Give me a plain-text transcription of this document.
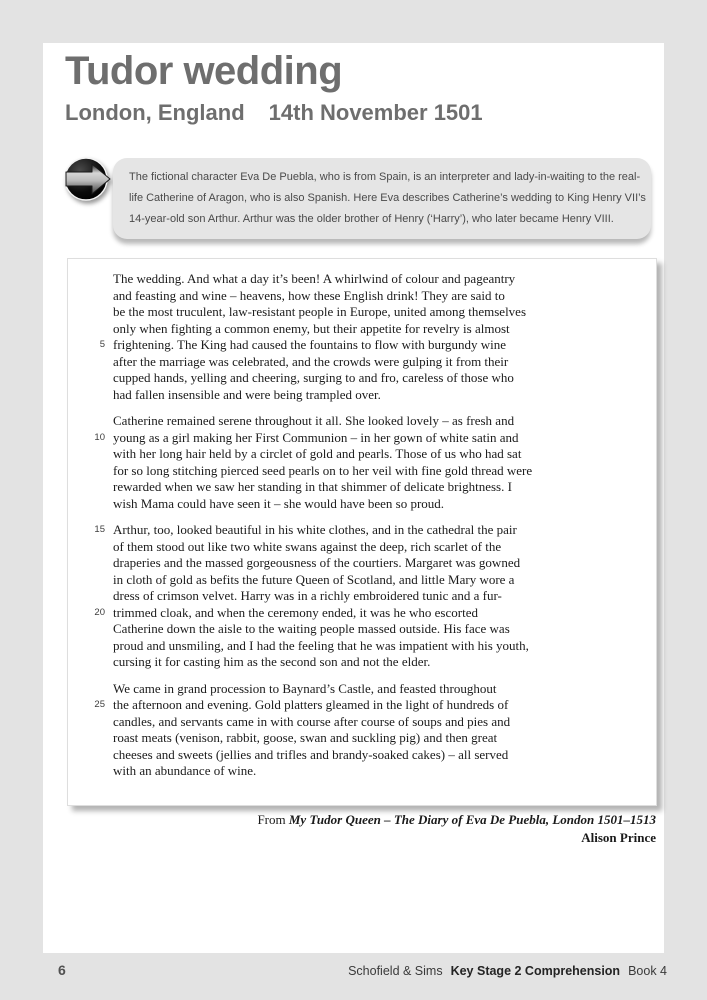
Tudor wedding
London, England 14th November 1501
The fictional character Eva De Puebla, who is from Spain, is an interpreter and lady-in-waiting to the real-
life Catherine of Aragon, who is also Spanish. Here Eva describes Catherine’s wedding to King Henry VII’s
14-year-old son Arthur. Arthur was the older brother of Henry (‘Harry’), who later became Henry VIII.
The wedding. And what a day it’s been! A whirlwind of colour and pageantry
and feasting and wine – heavens, how these English drink! They are said to
be the most truculent, law-resistant people in Europe, united among themselves
only when fighting a common enemy, but their appetite for revelry is almost
5 frightening. The King had caused the fountains to flow with burgundy wine
after the marriage was celebrated, and the crowds were gulping it from their
cupped hands, yelling and cheering, surging to and fro, careless of those who
had fallen insensible and were being trampled over.
Catherine remained serene throughout it all. She looked lovely – as fresh and
10 young as a girl making her First Communion – in her gown of white satin and
with her long hair held by a circlet of gold and pearls. Those of us who had sat
for so long stitching pierced seed pearls on to her veil with fine gold thread were
rewarded when we saw her standing in that shimmer of delicate brightness. I
wish Mama could have seen it – she would have been so proud.
15 Arthur, too, looked beautiful in his white clothes, and in the cathedral the pair
of them stood out like two white swans against the deep, rich scarlet of the
draperies and the massed gorgeousness of the courtiers. Margaret was gowned
in cloth of gold as befits the future Queen of Scotland, and little Mary wore a
dress of crimson velvet. Harry was in a richly embroidered tunic and a fur-
20 trimmed cloak, and when the ceremony ended, it was he who escorted
Catherine down the aisle to the waiting people massed outside. His face was
proud and unsmiling, and I had the feeling that he was impatient with his youth,
cursing it for casting him as the second son and not the elder.
We came in grand procession to Baynard’s Castle, and feasted throughout
25 the afternoon and evening. Gold platters gleamed in the light of hundreds of
candles, and servants came in with course after course of soups and pies and
roast meats (venison, rabbit, goose, swan and suckling pig) and then great
cheeses and sweets (jellies and trifles and brandy-soaked cakes) – all served
with an abundance of wine.
From My Tudor Queen – The Diary of Eva De Puebla, London 1501–1513
Alison Prince
6	Schofield & Sims Key Stage 2 Comprehension Book 4
